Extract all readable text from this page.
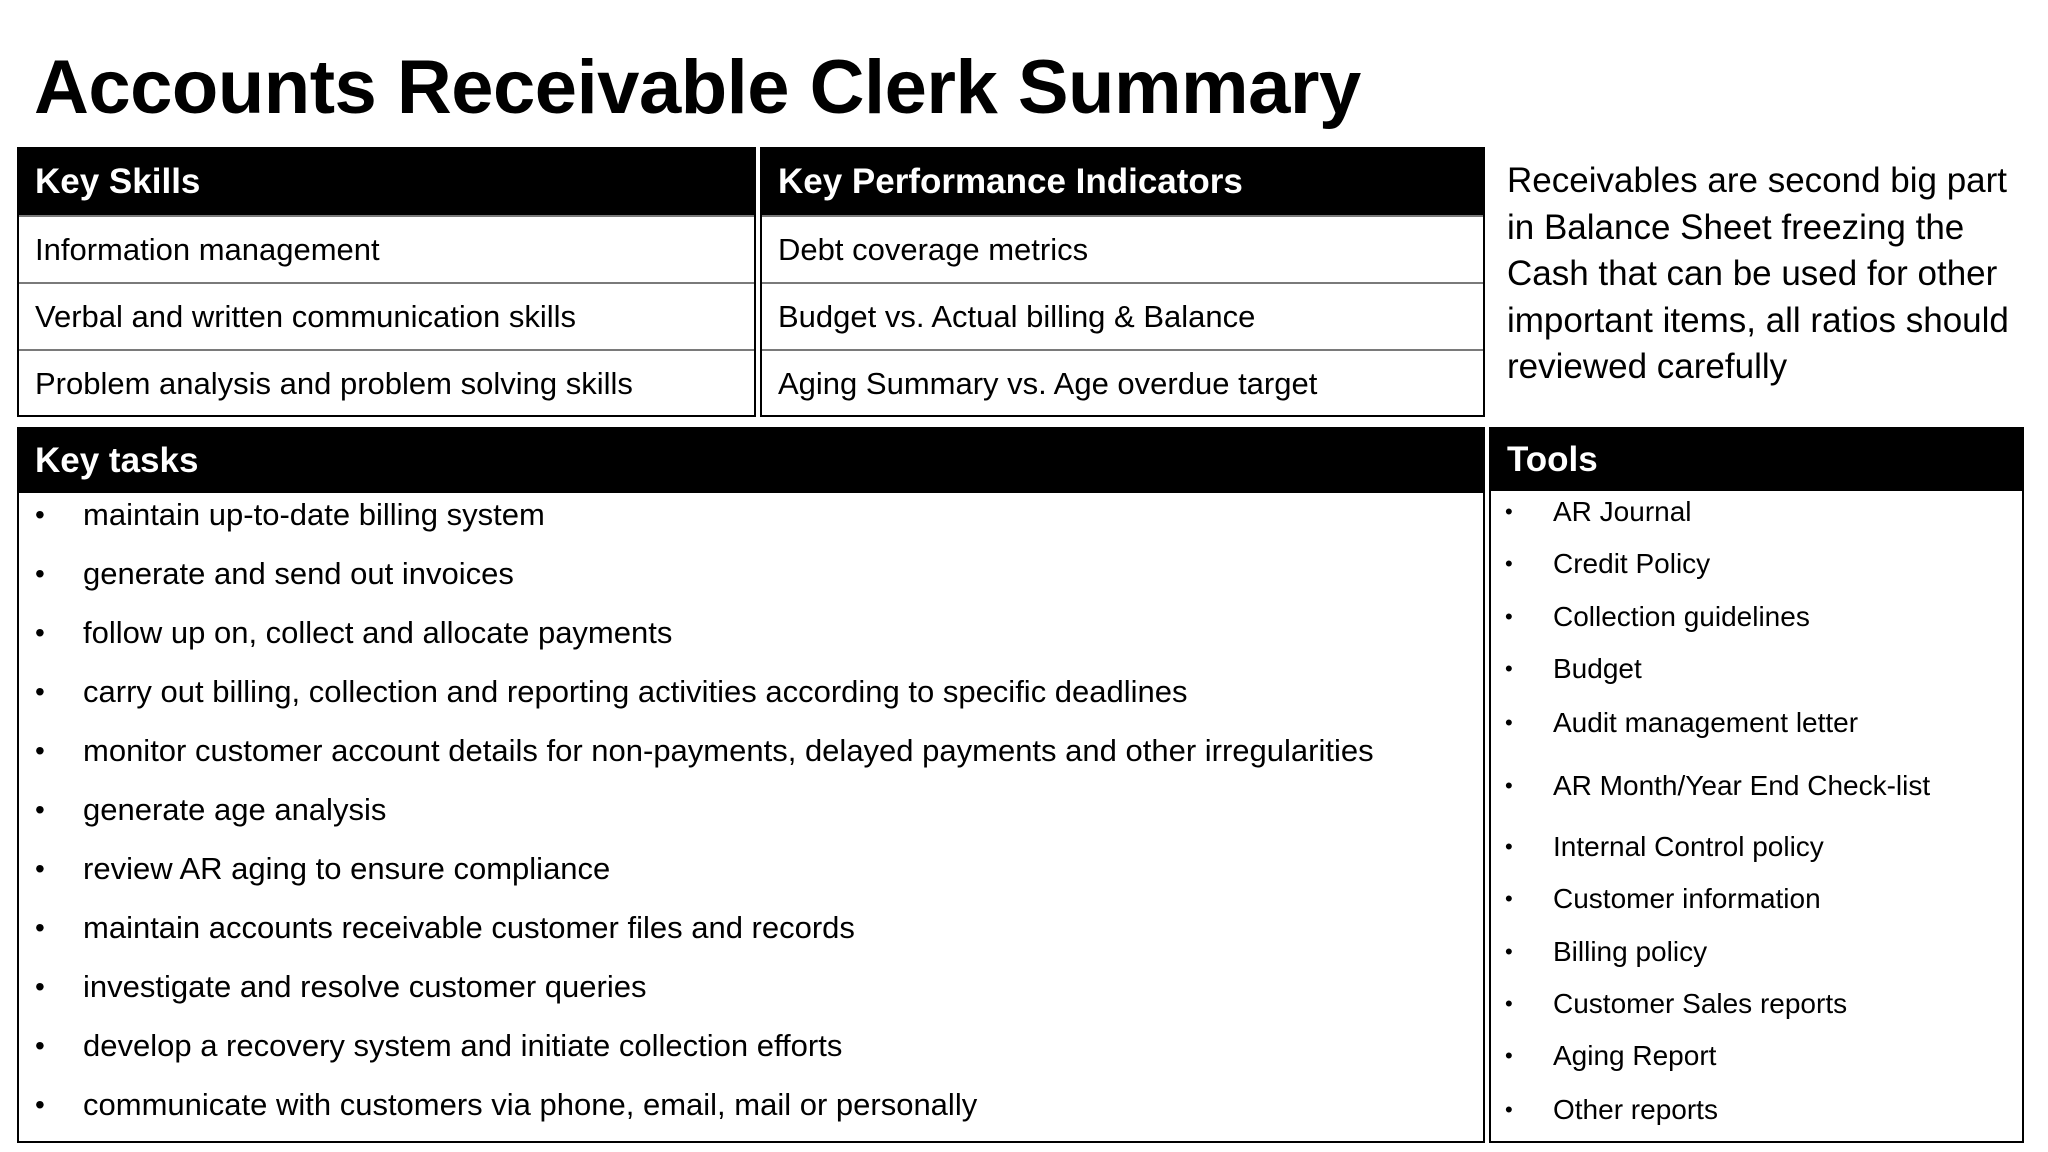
Accounts Receivable Clerk Summary
Key Skills
Information management
Verbal and written communication skills
Problem analysis and problem solving skills
Key Performance Indicators
Debt coverage metrics
Budget vs. Actual billing & Balance
Aging Summary vs. Age overdue target

Receivables are second big part in Balance Sheet freezing the Cash that can be used for other important items, all ratios should reviewed carefully

Key tasks
•	maintain up-to-date billing system
•	generate and send out invoices
•	follow up on, collect and allocate payments
•	carry out billing, collection and reporting activities according to specific deadlines
•	monitor customer account details for non-payments, delayed payments and other irregularities
•	generate age analysis
•	review AR aging to ensure compliance
•	maintain accounts receivable customer files and records
•	investigate and resolve customer queries
•	develop a recovery system and initiate collection efforts
•	communicate with customers via phone, email, mail or personally
Tools
•	AR Journal
•	Credit Policy
•	Collection guidelines
•	Budget
•	Audit management letter
•	AR Month/Year End Check-list
•	Internal Control policy
•	Customer information
•	Billing policy
•	Customer Sales reports
•	Aging Report
•	Other reports
